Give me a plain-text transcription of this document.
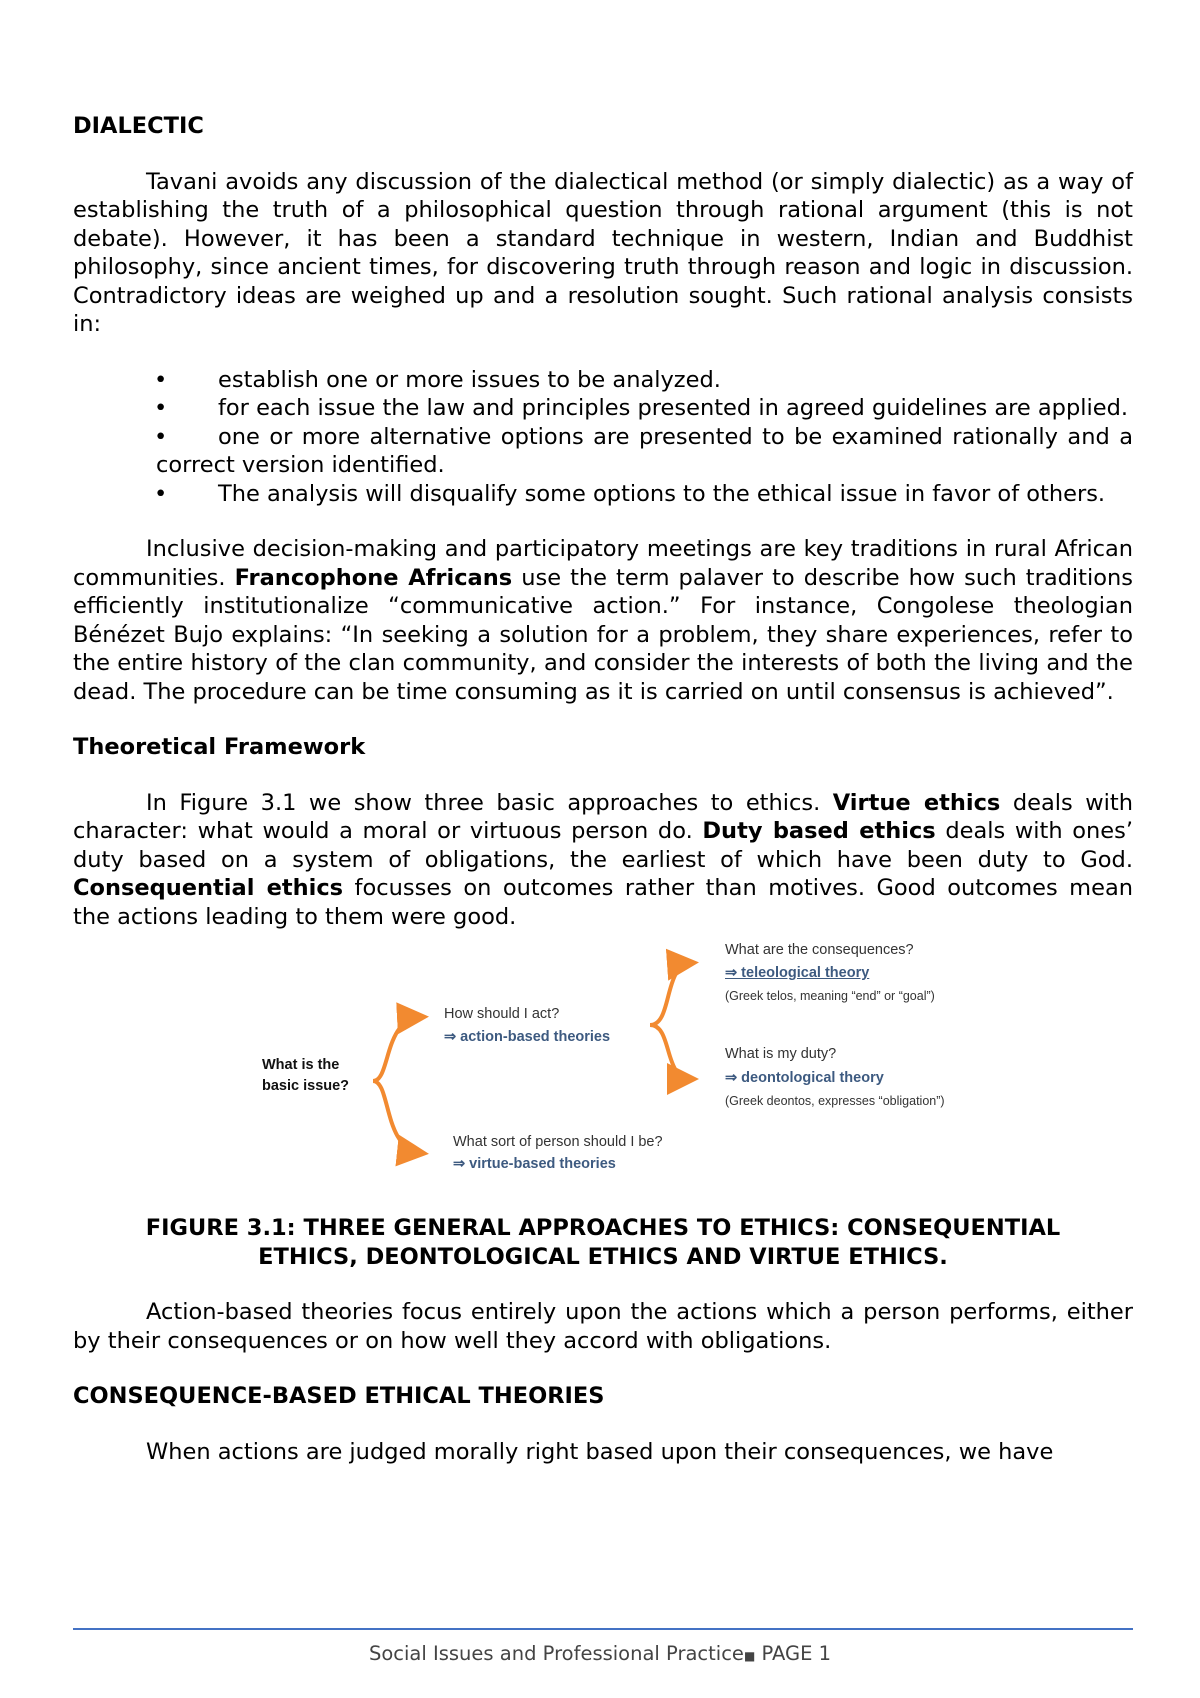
DIALECTIC

Tavani avoids any discussion of the dialectical method (or simply dialectic) as a way of establishing the truth of a philosophical question through rational argument (this is not debate). However, it has been a standard technique in western, Indian and Buddhist philosophy, since ancient times, for discovering truth through reason and logic in discussion. Contradictory ideas are weighed up and a resolution sought. Such rational analysis consists in:

•	establish one or more issues to be analyzed.
•	for each issue the law and principles presented in agreed guidelines are applied.
•	one or more alternative options are presented to be examined rationally and a correct version identified.
•	The analysis will disqualify some options to the ethical issue in favor of others.

Inclusive decision-making and participatory meetings are key traditions in rural African communities. Francophone Africans use the term palaver to describe how such traditions efficiently institutionalize “communicative action.” For instance, Congolese theologian Bénézet Bujo explains: “In seeking a solution for a problem, they share experiences, refer to the entire history of the clan community, and consider the interests of both the living and the dead. The procedure can be time consuming as it is carried on until consensus is achieved”.

Theoretical Framework

In Figure 3.1 we show three basic approaches to ethics. Virtue ethics deals with character: what would a moral or virtuous person do. Duty based ethics deals with ones’ duty based on a system of obligations, the earliest of which have been duty to God. Consequential ethics focusses on outcomes rather than motives. Good outcomes mean the actions leading to them were good.

What is the
basic issue?
How should I act?
⇒ action-based theories
What sort of person should I be?
⇒ virtue-based theories
What are the consequences?
⇒ teleological theory
(Greek telos, meaning “end” or “goal”)
What is my duty?
⇒ deontological theory
(Greek deontos, expresses “obligation”)

FIGURE 3.1: THREE GENERAL APPROACHES TO ETHICS: CONSEQUENTIAL

ETHICS, DEONTOLOGICAL ETHICS AND VIRTUE ETHICS.

Action-based theories focus entirely upon the actions which a person performs, either by their consequences or on how well they accord with obligations.

CONSEQUENCE-BASED ETHICAL THEORIES

When actions are judged morally right based upon their consequences, we have

Social Issues and Professional Practice■ PAGE 1
